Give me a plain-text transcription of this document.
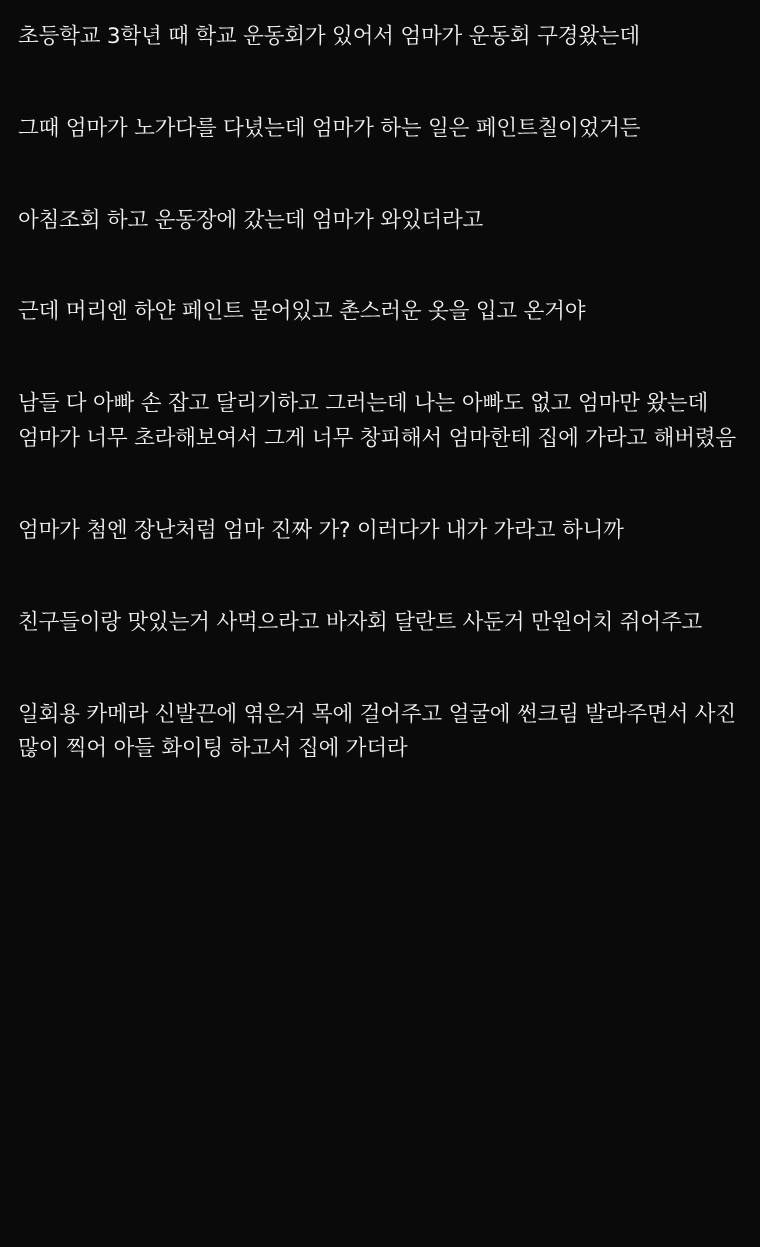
초등학교 3학년 때 학교 운동회가 있어서 엄마가 운동회 구경왔는데

그때 엄마가 노가다를 다녔는데 엄마가 하는 일은 페인트칠이었거든

아침조회 하고 운동장에 갔는데 엄마가 와있더라고

근데 머리엔 하얀 페인트 묻어있고 촌스러운 옷을 입고 온거야

남들 다 아빠 손 잡고 달리기하고 그러는데 나는 아빠도 없고 엄마만 왔는데 엄마가 너무 초라해보여서 그게 너무 창피해서 엄마한테 집에 가라고 해버렸음

엄마가 첨엔 장난처럼 엄마 진짜 가? 이러다가 내가 가라고 하니까

친구들이랑 맛있는거 사먹으라고 바자회 달란트 사둔거 만원어치 쥐어주고

일회용 카메라 신발끈에 엮은거 목에 걸어주고 얼굴에 썬크림 발라주면서 사진 많이 찍어 아들 화이팅 하고서 집에 가더라
